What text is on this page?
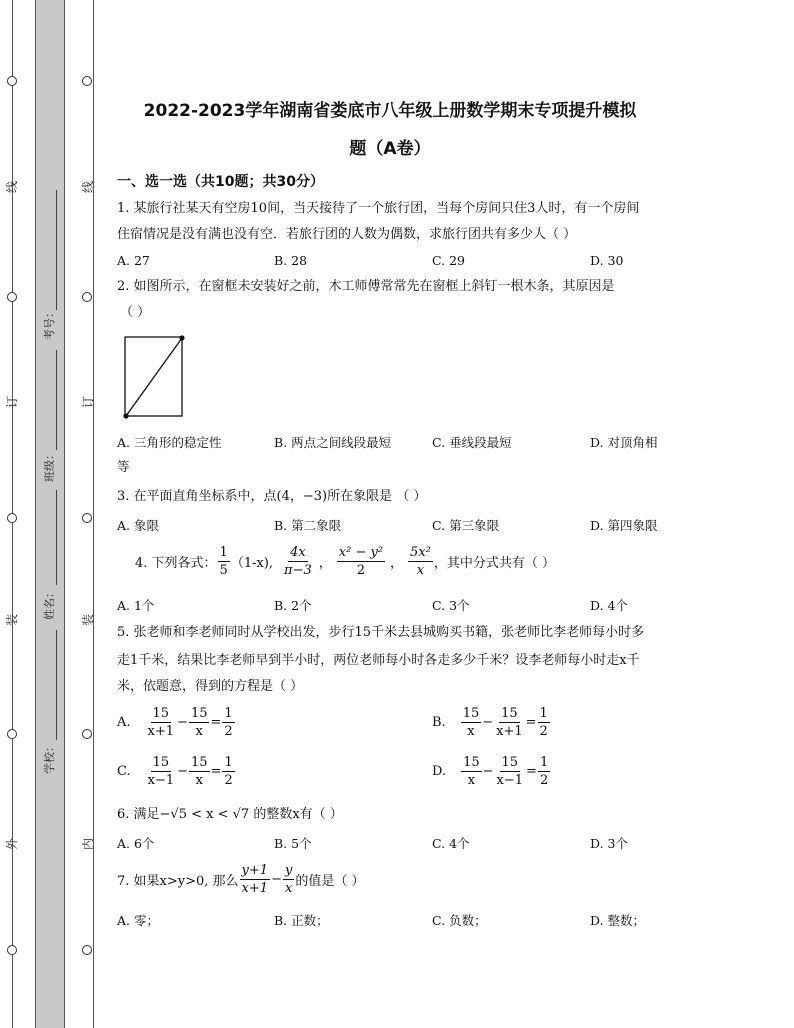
线
订
装
外
线
订
装
内
考号：
班级：
姓名：
学校：
2022-2023学年湖南省娄底市八年级上册数学期末专项提升模拟
题（A卷）
一、选一选（共10题；共30分）
1. 某旅行社某天有空房10间，当天接待了一个旅行团，当每个房间只住3人时，有一个房间
住宿情况是没有满也没有空．若旅行团的人数为偶数，求旅行团共有多少人（ ）
A. 27	B. 28	C. 29	D. 30
2. 如图所示，在窗框未安装好之前，木工师傅常常先在窗框上斜钉一根木条，其原因是
（ ）
A. 三角形的稳定性	B. 两点之间线段最短	C. 垂线段最短	D. 对顶角相
等
3. 在平面直角坐标系中，点(4，−3)所在象限是 （ ）
A. 象限	B. 第二象限	C. 第三象限	D. 第四象限
4. 下列各式： $\frac{1}{5} (1-x)$, $\frac{4x}{\pi-3}$ ， $\frac{\text{x² − y²}}{2}$ ， $\frac{\text{5x²}}{x}$ ，其中分式共有（ ）
A. 1个	B. 2个	C. 3个	D. 4个
5. 张老师和李老师同时从学校出发，步行15千米去县城购买书籍，张老师比李老师每小时多
走1千米，结果比李老师早到半小时，两位老师每小时各走多少千米？设李老师每小时走x千
米，依题意，得到的方程是（ ）
A. $\frac{15}{x+1} - \frac{15}{x} = \frac{1}{2}$	B. $\frac{15}{x} - \frac{15}{x+1} = \frac{1}{2}$
C. $\frac{15}{x-1} - \frac{15}{x} = \frac{1}{2}$	D. $\frac{15}{x} - \frac{15}{x-1} = \frac{1}{2}$
6. 满足−√5 < x < √7 的整数x有（ ）
A. 6个	B. 5个	C. 4个	D. 3个
7. 如果x>y>0, 那么 $\frac{y+1}{x+1} - \frac{y}{x}$ 的值是（ ）
A. 零；	B. 正数；	C. 负数；	D. 整数；
